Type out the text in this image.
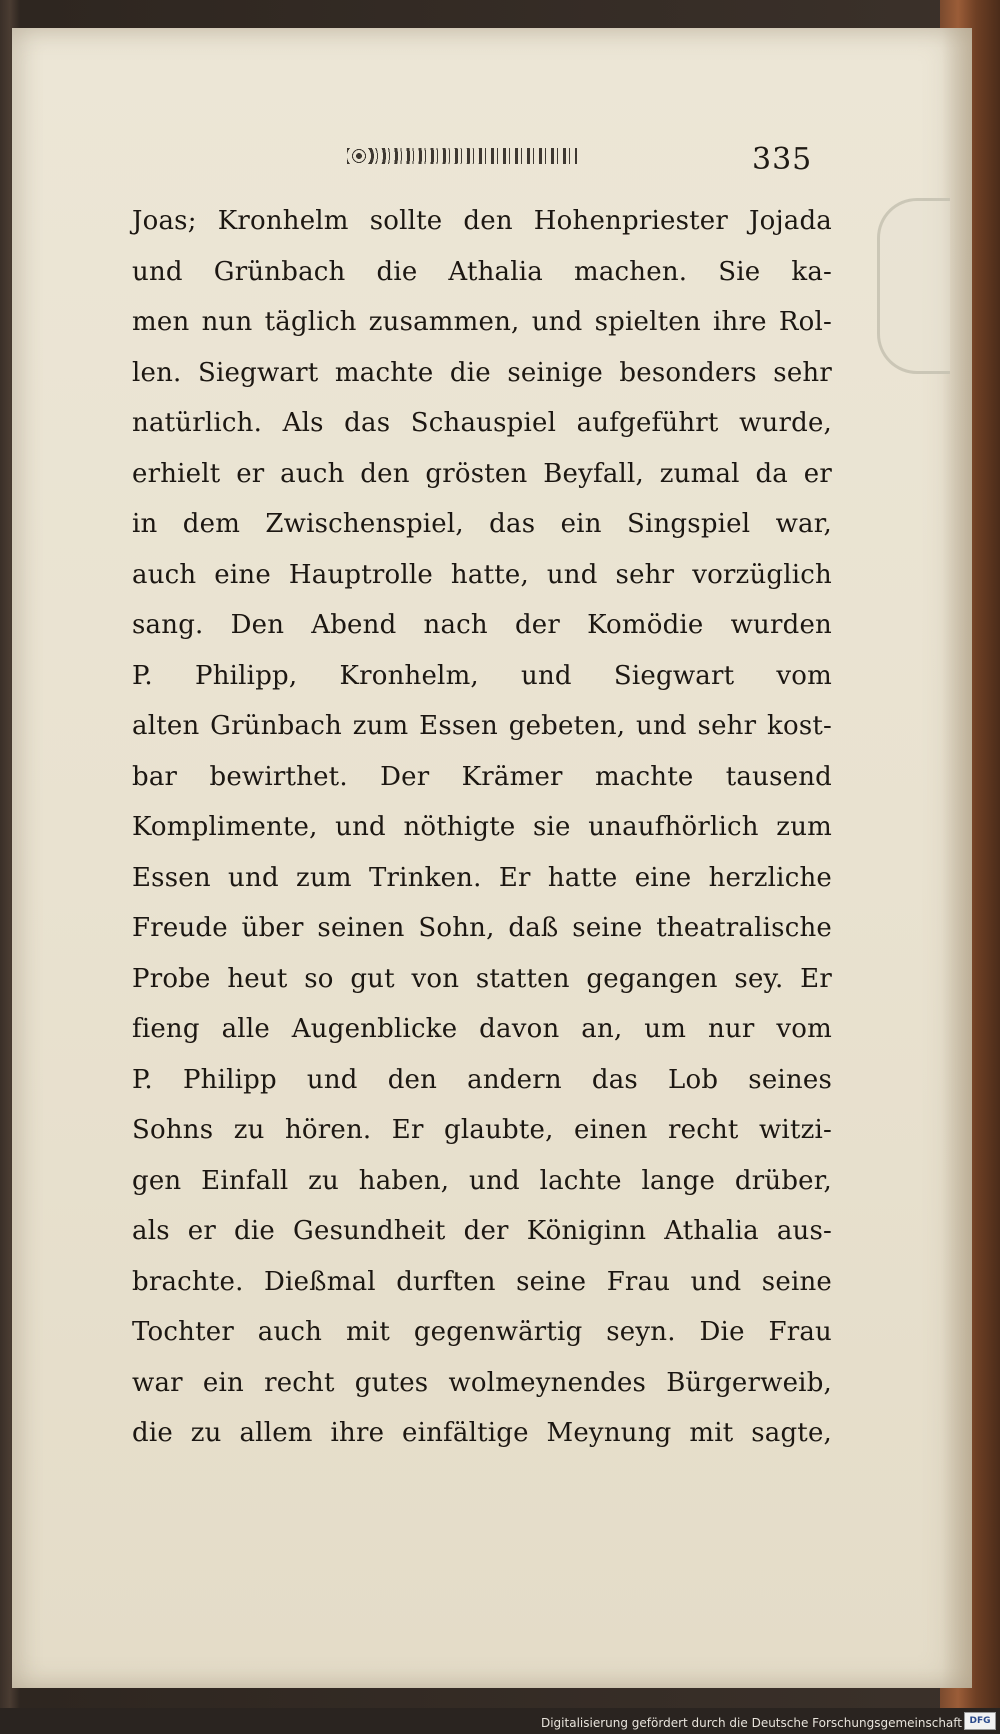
335
Joas; Kronhelm sollte den Hohenpriester Jojada
und Grünbach die Athalia machen. Sie ka-
men nun täglich zusammen, und spielten ihre Rol-
len. Siegwart machte die seinige besonders sehr
natürlich. Als das Schauspiel aufgeführt wurde,
erhielt er auch den grösten Beyfall, zumal da er
in dem Zwischenspiel, das ein Singspiel war,
auch eine Hauptrolle hatte, und sehr vorzüglich
sang. Den Abend nach der Komödie wurden
P. Philipp, Kronhelm, und Siegwart vom
alten Grünbach zum Essen gebeten, und sehr kost-
bar bewirthet. Der Krämer machte tausend
Komplimente, und nöthigte sie unaufhörlich zum
Essen und zum Trinken. Er hatte eine herzliche
Freude über seinen Sohn, daß seine theatralische
Probe heut so gut von statten gegangen sey. Er
fieng alle Augenblicke davon an, um nur vom
P. Philipp und den andern das Lob seines
Sohns zu hören. Er glaubte, einen recht witzi-
gen Einfall zu haben, und lachte lange drüber,
als er die Gesundheit der Königinn Athalia aus-
brachte. Dießmal durften seine Frau und seine
Tochter auch mit gegenwärtig seyn. Die Frau
war ein recht gutes wolmeynendes Bürgerweib,
die zu allem ihre einfältige Meynung mit sagte,
Digitalisierung gefördert durch die Deutsche Forschungsgemeinschaft DFG
